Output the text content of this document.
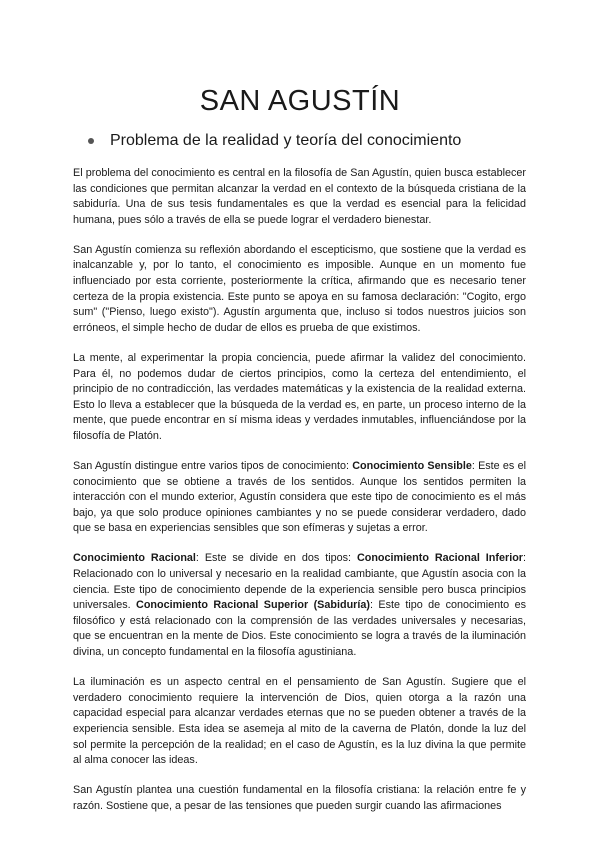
SAN AGUSTÍN
Problema de la realidad y teoría del conocimiento

El problema del conocimiento es central en la filosofía de San Agustín, quien busca establecer las condiciones que permitan alcanzar la verdad en el contexto de la búsqueda cristiana de la sabiduría. Una de sus tesis fundamentales es que la verdad es esencial para la felicidad humana, pues sólo a través de ella se puede lograr el verdadero bienestar.

San Agustín comienza su reflexión abordando el escepticismo, que sostiene que la verdad es inalcanzable y, por lo tanto, el conocimiento es imposible. Aunque en un momento fue influenciado por esta corriente, posteriormente la crítica, afirmando que es necesario tener certeza de la propia existencia. Este punto se apoya en su famosa declaración: "Cogito, ergo sum" ("Pienso, luego existo"). Agustín argumenta que, incluso si todos nuestros juicios son erróneos, el simple hecho de dudar de ellos es prueba de que existimos.

La mente, al experimentar la propia conciencia, puede afirmar la validez del conocimiento. Para él, no podemos dudar de ciertos principios, como la certeza del entendimiento, el principio de no contradicción, las verdades matemáticas y la existencia de la realidad externa. Esto lo lleva a establecer que la búsqueda de la verdad es, en parte, un proceso interno de la mente, que puede encontrar en sí misma ideas y verdades inmutables, influenciándose por la filosofía de Platón.

San Agustín distingue entre varios tipos de conocimiento: Conocimiento Sensible: Este es el conocimiento que se obtiene a través de los sentidos. Aunque los sentidos permiten la interacción con el mundo exterior, Agustín considera que este tipo de conocimiento es el más bajo, ya que solo produce opiniones cambiantes y no se puede considerar verdadero, dado que se basa en experiencias sensibles que son efímeras y sujetas a error.

Conocimiento Racional: Este se divide en dos tipos: Conocimiento Racional Inferior: Relacionado con lo universal y necesario en la realidad cambiante, que Agustín asocia con la ciencia. Este tipo de conocimiento depende de la experiencia sensible pero busca principios universales. Conocimiento Racional Superior (Sabiduría): Este tipo de conocimiento es filosófico y está relacionado con la comprensión de las verdades universales y necesarias, que se encuentran en la mente de Dios. Este conocimiento se logra a través de la iluminación divina, un concepto fundamental en la filosofía agustiniana.

La iluminación es un aspecto central en el pensamiento de San Agustín. Sugiere que el verdadero conocimiento requiere la intervención de Dios, quien otorga a la razón una capacidad especial para alcanzar verdades eternas que no se pueden obtener a través de la experiencia sensible. Esta idea se asemeja al mito de la caverna de Platón, donde la luz del sol permite la percepción de la realidad; en el caso de Agustín, es la luz divina la que permite al alma conocer las ideas.

San Agustín plantea una cuestión fundamental en la filosofía cristiana: la relación entre fe y razón. Sostiene que, a pesar de las tensiones que pueden surgir cuando las afirmaciones
